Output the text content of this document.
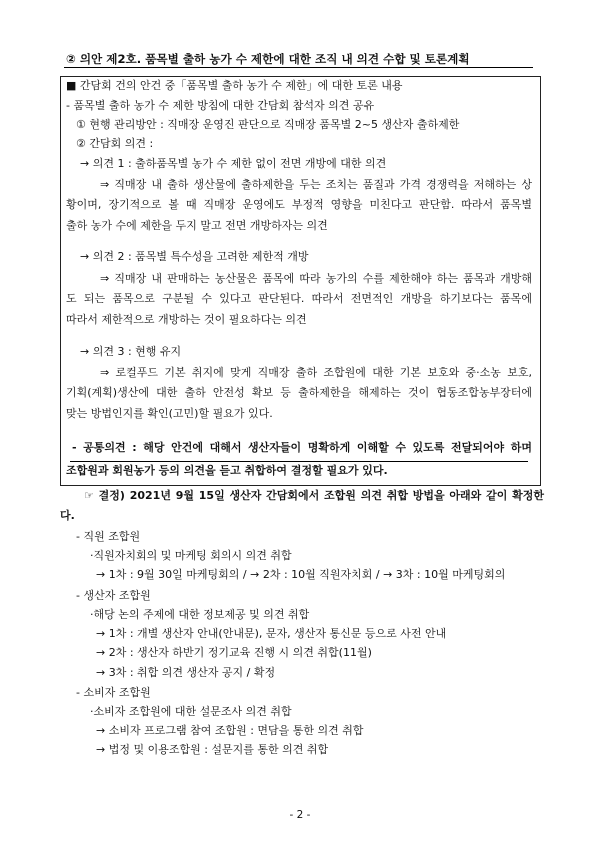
② 의안 제2호. 품목별 출하 농가 수 제한에 대한 조직 내 의견 수합 및 토론계획
■ 간담회 건의 안건 중「품목별 출하 농가 수 제한」에 대한 토론 내용
- 품목별 출하 농가 수 제한 방침에 대한 간담회 참석자 의견 공유
① 현행 관리방안 : 직매장 운영진 판단으로 직매장 품목별 2~5 생산자 출하제한
② 간담회 의견 :
→ 의견 1 : 출하품목별 농가 수 제한 없이 전면 개방에 대한 의견
⇒ 직매장 내 출하 생산물에 출하제한을 두는 조치는 품질과 가격 경쟁력을 저해하는 상
황이며, 장기적으로 볼 때 직매장 운영에도 부정적 영향을 미친다고 판단함. 따라서 품목별
출하 농가 수에 제한을 두지 말고 전면 개방하자는 의견
→ 의견 2 : 품목별 특수성을 고려한 제한적 개방
⇒ 직매장 내 판매하는 농산물은 품목에 따라 농가의 수를 제한해야 하는 품목과 개방해
도 되는 품목으로 구분될 수 있다고 판단된다. 따라서 전면적인 개방을 하기보다는 품목에
따라서 제한적으로 개방하는 것이 필요하다는 의견
→ 의견 3 : 현행 유지
⇒ 로컬푸드 기본 취지에 맞게 직매장 출하 조합원에 대한 기본 보호와 중·소농 보호,
기획(계획)생산에 대한 출하 안전성 확보 등 출하제한을 해제하는 것이 협동조합농부장터에
맞는 방법인지를 확인(고민)할 필요가 있다.
- 공통의견 : 해당 안건에 대해서 생산자들이 명확하게 이해할 수 있도록 전달되어야 하며
조합원과 회원농가 등의 의견을 듣고 취합하여 결정할 필요가 있다.
☞ 결정) 2021년 9월 15일 생산자 간담회에서 조합원 의견 취합 방법을 아래와 같이 확정한
다.
- 직원 조합원
·직원자치회의 및 마케팅 회의시 의견 취합
→ 1차 : 9월 30일 마케팅회의 / → 2차 : 10월 직원자치회 / → 3차 : 10월 마케팅회의
- 생산자 조합원
·해당 논의 주제에 대한 정보제공 및 의견 취합
→ 1차 : 개별 생산자 안내(안내문), 문자, 생산자 통신문 등으로 사전 안내
→ 2차 : 생산자 하반기 정기교육 진행 시 의견 취합(11월)
→ 3차 : 취합 의견 생산자 공지 / 확정
- 소비자 조합원
·소비자 조합원에 대한 설문조사 의견 취합
→ 소비자 프로그램 참여 조합원 : 면담을 통한 의견 취합
→ 법정 및 이용조합원 : 설문지를 통한 의견 취합
- 2 -
